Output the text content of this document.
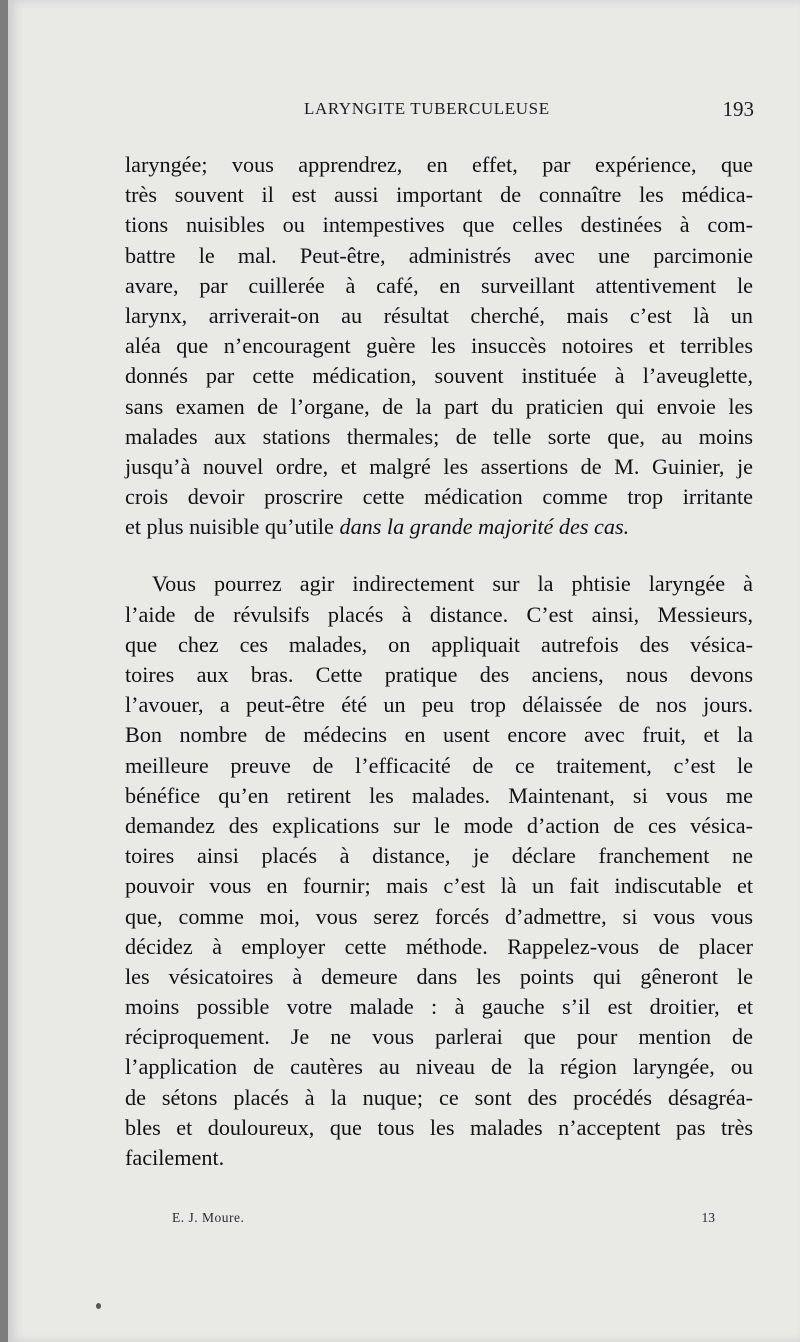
LARYNGITE TUBERCULEUSE	193
laryngée; vous apprendrez, en effet, par expérience, que
très souvent il est aussi important de connaître les médica-
tions nuisibles ou intempestives que celles destinées à com-
battre le mal. Peut-être, administrés avec une parcimonie
avare, par cuillerée à café, en surveillant attentivement le
larynx, arriverait-on au résultat cherché, mais c’est là un
aléa que n’encouragent guère les insuccès notoires et terribles
donnés par cette médication, souvent instituée à l’aveuglette,
sans examen de l’organe, de la part du praticien qui envoie les
malades aux stations thermales; de telle sorte que, au moins
jusqu’à nouvel ordre, et malgré les assertions de M. Guinier, je
crois devoir proscrire cette médication comme trop irritante
et plus nuisible qu’utile dans la grande majorité des cas.
Vous pourrez agir indirectement sur la phtisie laryngée à
l’aide de révulsifs placés à distance. C’est ainsi, Messieurs,
que chez ces malades, on appliquait autrefois des vésica-
toires aux bras. Cette pratique des anciens, nous devons
l’avouer, a peut-être été un peu trop délaissée de nos jours.
Bon nombre de médecins en usent encore avec fruit, et la
meilleure preuve de l’efficacité de ce traitement, c’est le
bénéfice qu’en retirent les malades. Maintenant, si vous me
demandez des explications sur le mode d’action de ces vésica-
toires ainsi placés à distance, je déclare franchement ne
pouvoir vous en fournir; mais c’est là un fait indiscutable et
que, comme moi, vous serez forcés d’admettre, si vous vous
décidez à employer cette méthode. Rappelez-vous de placer
les vésicatoires à demeure dans les points qui gêneront le
moins possible votre malade : à gauche s’il est droitier, et
réciproquement. Je ne vous parlerai que pour mention de
l’application de cautères au niveau de la région laryngée, ou
de sétons placés à la nuque; ce sont des procédés désagréa-
bles et douloureux, que tous les malades n’acceptent pas très
facilement.
E. J. Moure.	13
